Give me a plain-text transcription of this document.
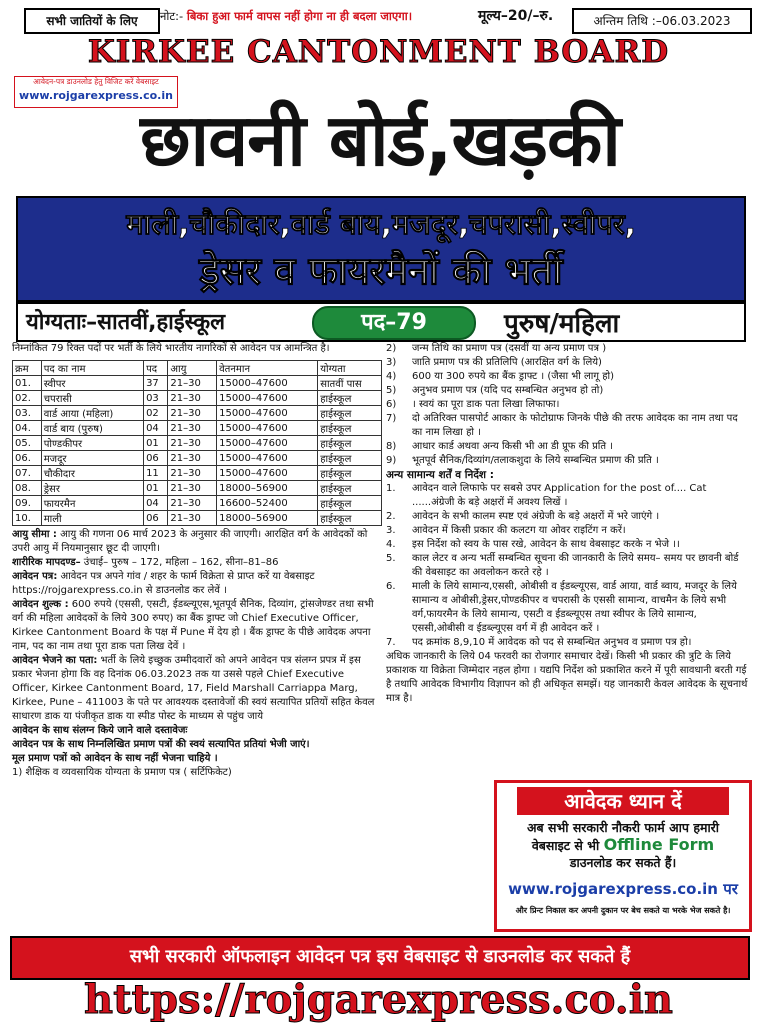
सभी जातियों के लिए	नोट:- बिका हुआ फार्म वापस नहीं होगा ना ही बदला जाएगा।	मूल्य–20/–रु.	अन्तिम तिथि :–06.03.2023
KIRKEE CANTONMENT BOARD
आवेदन-पत्र डाउनलोड हेतु विजिट करें वेबसाइट
www.rojgarexpress.co.in
छावनी बोर्ड,खड़की
माली,चौकीदार,वार्ड बाय,मजदूर,चपरासी,स्वीपर,
ड्रेसर व फायरमैनों की भर्ती
योग्यताः–सातवीं,हाईस्कूल	पद–79	पुरुष/महिला
निम्नांकित 79 रिक्त पदों पर भर्ती के लिये भारतीय नागरिकों से आवेदन पत्र आमन्त्रित है।
क्रम	पद का नाम	पद	आयु	वेतनमान	योग्यता
01.	स्वीपर	37	21–30	15000–47600	सातवीं पास
02.	चपरासी	03	21–30	15000–47600	हाईस्कूल
03.	वार्ड आया (महिला)	02	21–30	15000–47600	हाईस्कूल
04.	वार्ड बाय (पुरुष)	04	21–30	15000–47600	हाईस्कूल
05.	पोण्डकीपर	01	21–30	15000–47600	हाईस्कूल
06.	मजदूर	06	21–30	15000–47600	हाईस्कूल
07.	चौकीदार	11	21–30	15000–47600	हाईस्कूल
08.	ड्रेसर	01	21–30	18000–56900	हाईस्कूल
09.	फायरमैन	04	21–30	16600–52400	हाईस्कूल
10.	माली	06	21–30	18000–56900	हाईस्कूल
आयु सीमा : आयु की गणना 06 मार्च 2023 के अनुसार की जाएगी। आरक्षित वर्ग के आवेदकों को उपरी आयु में नियमानुसार छूट दी जाएगी।
शारीरिक मापदण्ड– उंचाई– पुरुष – 172, महिला – 162, सीना–81–86
आवेदन पत्र: आवेदन पत्र अपने गांव / शहर के फार्म विक्रेता से प्राप्त करें या वेबसाइट https://rojgarexpress.co.in से डाउनलोड कर लेवें ।
आवेदन शुल्क : 600 रुपये (एससी, एसटी, ईडब्ल्यूएस,भूतपूर्व सैनिक, दिव्यांग, ट्रांसजेण्डर तथा सभी वर्ग की महिला आवेदकों के लिये 300 रुपए) का बैंक ड्राफ्ट जो Chief Executive Officer, Kirkee Cantonment Board के पक्ष में Pune में देय हो । बैंक ड्राफ्ट के पीछे आवेदक अपना नाम, पद का नाम तथा पूरा डाक पता लिख देवें ।
आवेदन भेजने का पता: भर्ती के लिये इच्छुक उम्मीदवारों को अपने आवेदन पत्र संलग्न प्रपत्र में इस प्रकार भेजना होगा कि वह दिनांक 06.03.2023 तक या उससे पहले Chief Executive Officer, Kirkee Cantonment Board, 17, Field Marshall Carriappa Marg, Kirkee, Pune – 411003 के पते पर आवश्यक दस्तावेजों की स्वयं सत्यापित प्रतियों सहित केवल साधारण डाक या पंजीकृत डाक या स्पीड पोस्ट के माध्यम से पहुंच जाये
आवेदन के साथ संलग्न किये जाने वाले दस्तावेजः
आवेदन पत्र के साथ निम्नलिखित प्रमाण पत्रों की स्वयं सत्यापित प्रतियां भेजी जाएं।
मूल प्रमाण पत्रों को आवेदन के साथ नहीं भेजना चाहिये ।
1) शैक्षिक व व्यवसायिक योग्यता के प्रमाण पत्र ( सर्टिफिकेट)
2) जन्म तिथि का प्रमाण पत्र (दसवीं या अन्य प्रमाण पत्र )
3) जाति प्रमाण पत्र की प्रतिलिपि (आरक्षित वर्ग के लिये)
4) 600 या 300 रुपये का बैंक ड्राफ्ट । (जैसा भी लागू हो)
5) अनुभव प्रमाण पत्र (यदि पद सम्बन्धित अनुभव हो तो)
6) । स्वयं का पूरा डाक पता लिखा लिफाफा।
7) दो अतिरिक्त पासपोर्ट आकार के फोटोग्राफ जिनके पीछे की तरफ आवेदक का नाम तथा पद का नाम लिखा हो ।
8) आधार कार्ड अथवा अन्य किसी भी आ डी प्रूफ की प्रति ।
9) भूतपूर्व सैनिक/दिव्यांग/तलाकशुदा के लिये सम्बन्धित प्रमाण की प्रति ।
अन्य सामान्य शर्तें व निर्देश :
1. आवेदन वाले लिफाफे पर सबसे उपर Application for the post of.... Cat ......अंग्रेजी के बड़े अक्षरों में अवश्य लिखें ।
2. आवेदन के सभी कालम स्पष्ट एवं अंग्रेजी के बड़े अक्षरों में भरे जाएंगे ।
3. आवेदन में किसी प्रकार की कलटग या ओवर राइटिंग न करें।
4. इस निर्देश को स्वय के पास रखे, आवेदन के साथ वेबसाइट करके न भेजे ।।
5. काल लेटर व अन्य भर्ती सम्बन्धित सूचना की जानकारी के लिये समय– समय पर छावनी बोर्ड की वेबसाइट का अवलोकन करते रहे ।
6. माली के लिये सामान्य,एससी, ओबीसी व ईडब्ल्यूएस, वार्ड आया, वार्ड ब्वाय, मजदूर के लिये सामान्य व ओबीसी,ड्रेसर,पोण्डकीपर व चपरासी के एससी सामान्य, वाचमैन के लिये सभी वर्ग,फायरमैन के लिये सामान्य, एसटी व ईडब्ल्यूएस तथा स्वीपर के लिये सामान्य, एससी,ओबीसी व ईडब्ल्यूएस वर्ग में ही आवेदन करें ।
7. पद क्रमांक 8,9,10 में आवेदक को पद से सम्बन्धित अनुभव व प्रमाण पत्र हो।
अधिक जानकारी के लिये 04 फरवरी का रोजगार समाचार देखें। किसी भी प्रकार की त्रुटि के लिये प्रकाशक या विक्रेता जिम्मेदार नहल होगा । यद्यपि निर्देश को प्रकाशित करने में पूरी सावधानी बरती गई है तथापि आवेदक विभागीय विज्ञापन को ही अधिकृत समझें। यह जानकारी केवल आवेदक के सूचनार्थ मात्र है।
आवेदक ध्यान दें
अब सभी सरकारी नौकरी फार्म आप हमारी
वेबसाइट से भी Offline Form
डाउनलोड कर सकते हैं।
www.rojgarexpress.co.in पर
और प्रिन्ट निकाल कर अपनी दुकान पर बेच सकते या भरके भेज सकते है।
सभी सरकारी ऑफलाइन आवेदन पत्र इस वेबसाइट से डाउनलोड कर सकते हैं
https://rojgarexpress.co.in
